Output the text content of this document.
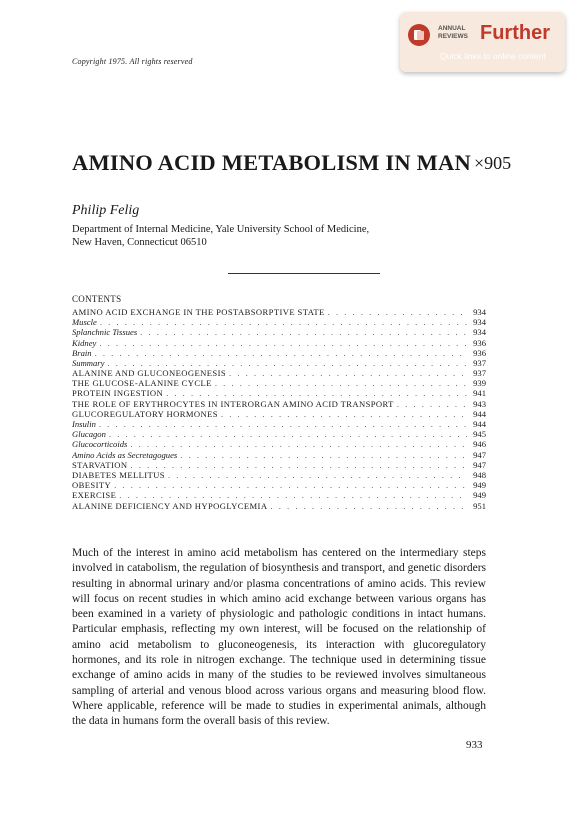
Copyright 1975. All rights reserved
ANNUAL
REVIEWS Further
Quick links to online content
AMINO ACID METABOLISM IN MAN ×905
Philip Felig
Department of Internal Medicine, Yale University School of Medicine,
New Haven, Connecticut 06510
CONTENTS
AMINO ACID EXCHANGE IN THE POSTABSORPTIVE STATE . . .	934
Muscle . . .	934
Splanchnic Tissues . . .	934
Kidney . . .	936
Brain . . .	936
Summary . . .	937
ALANINE AND GLUCONEOGENESIS . . .	937
THE GLUCOSE-ALANINE CYCLE . . .	939
PROTEIN INGESTION . . .	941
THE ROLE OF ERYTHROCYTES IN INTERORGAN AMINO ACID TRANSPORT . . .	943
GLUCOREGULATORY HORMONES . . .	944
Insulin . . .	944
Glucagon . . .	945
Glucocorticoids . . .	946
Amino Acids as Secretagogues . . .	947
STARVATION . . .	947
DIABETES MELLITUS . . .	948
OBESITY . . .	949
EXERCISE . . .	949
ALANINE DEFICIENCY AND HYPOGLYCEMIA . . .	951

Much of the interest in amino acid metabolism has centered on the intermediary steps involved in catabolism, the regulation of biosynthesis and transport, and genetic disorders resulting in abnormal urinary and/or plasma concentrations of amino acids. This review will focus on recent studies in which amino acid exchange between various organs has been examined in a variety of physiologic and pathologic conditions in intact humans. Particular emphasis, reflecting my own interest, will be focused on the relationship of amino acid metabolism to gluconeogenesis, its interaction with glucoregulatory hormones, and its role in nitrogen exchange. The technique used in determining tissue exchange of amino acids in many of the studies to be reviewed involves simultaneous sampling of arterial and venous blood across various organs and measuring blood flow. Where applicable, reference will be made to studies in experimental animals, although the data in humans form the overall basis of this review.

933
